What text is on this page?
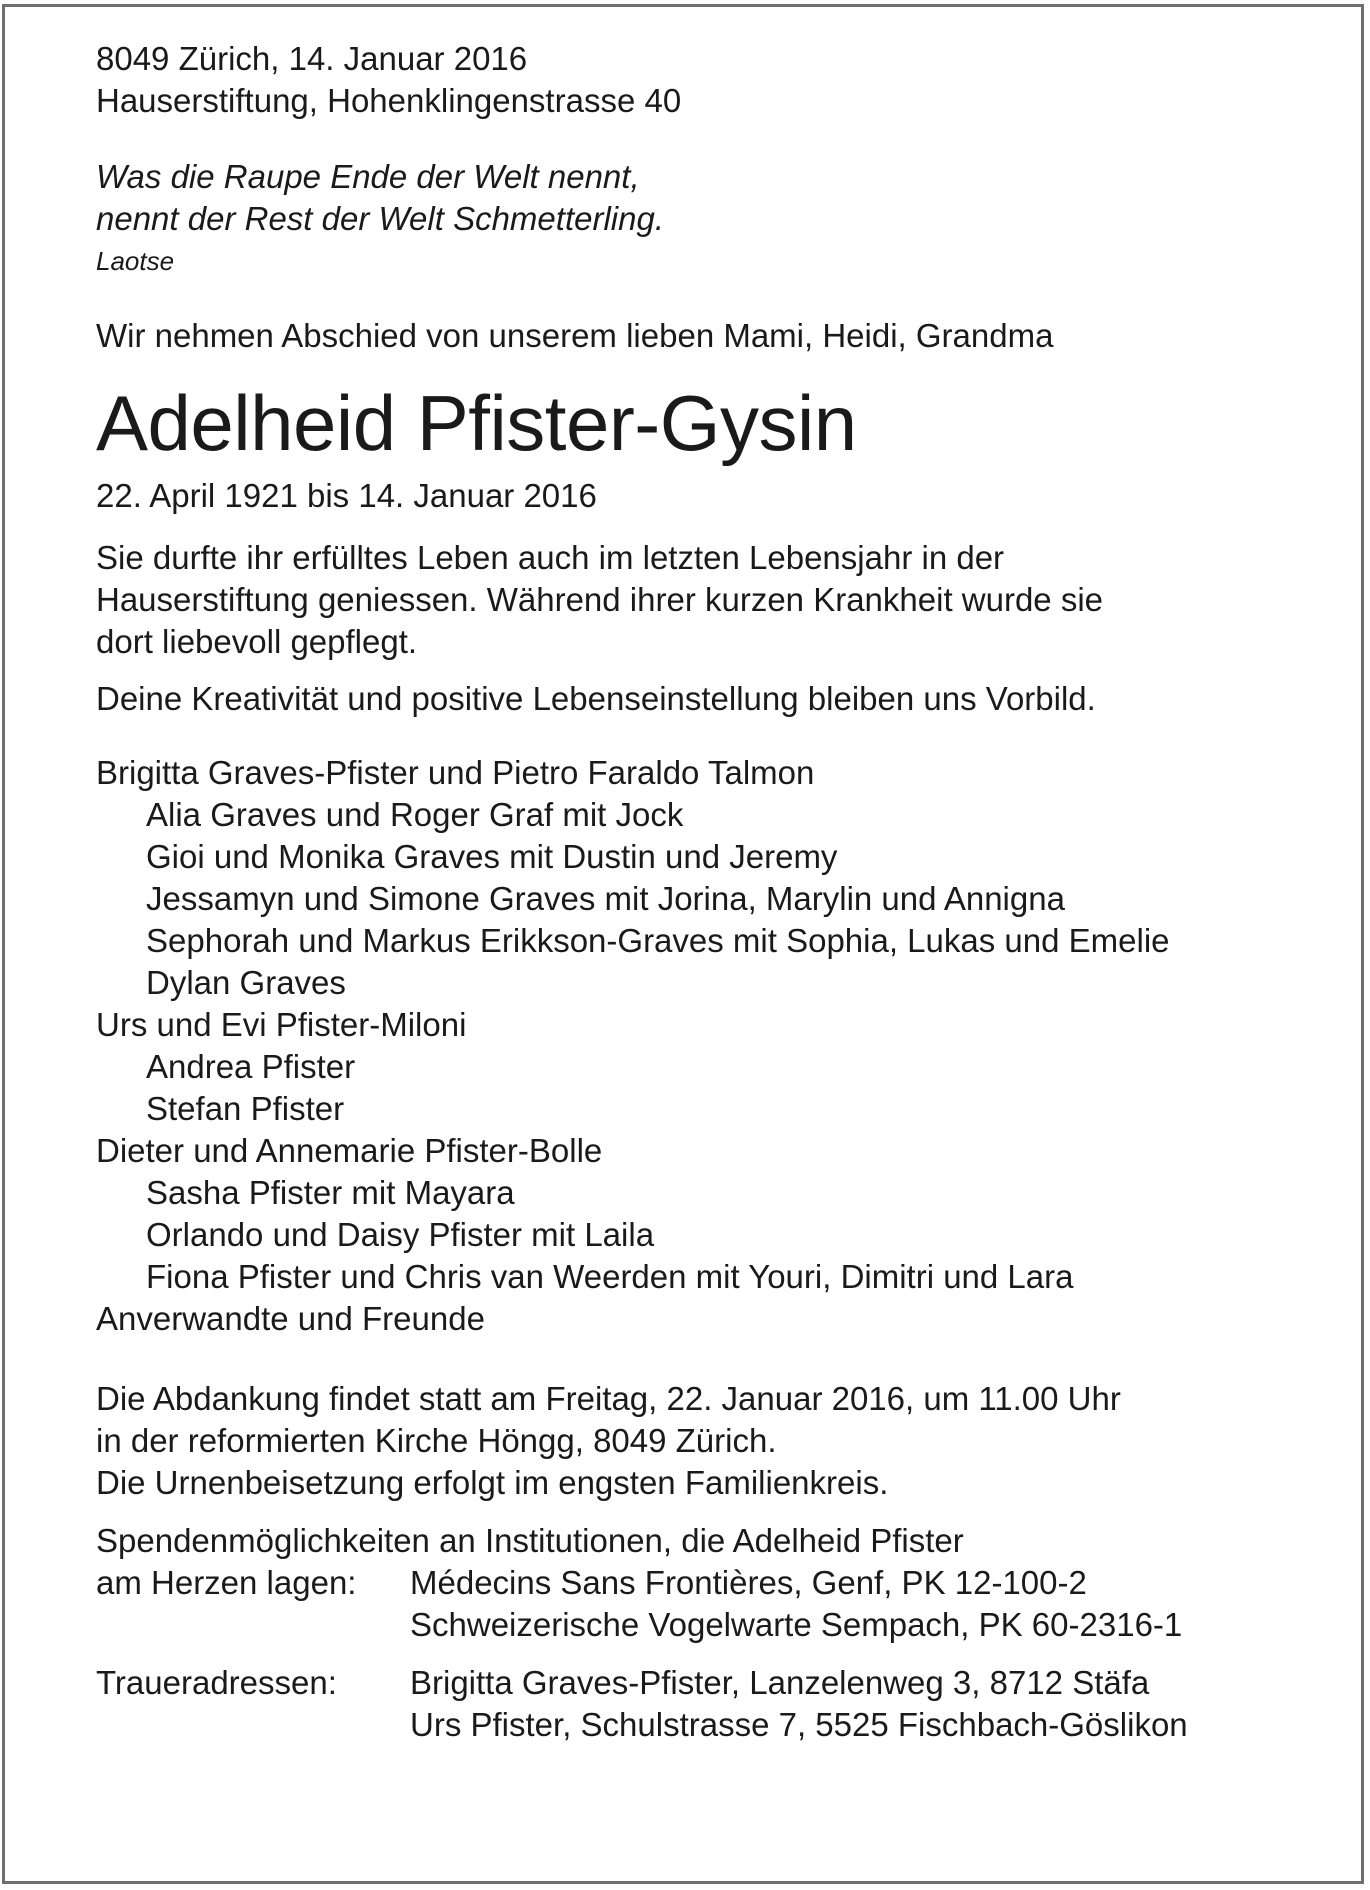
8049 Zürich, 14. Januar 2016
Hauserstiftung, Hohenklingenstrasse 40
Was die Raupe Ende der Welt nennt,
nennt der Rest der Welt Schmetterling.
Laotse
Wir nehmen Abschied von unserem lieben Mami, Heidi, Grandma
Adelheid Pfister-Gysin
22. April 1921 bis 14. Januar 2016
Sie durfte ihr erfülltes Leben auch im letzten Lebensjahr in der
Hauserstiftung geniessen. Während ihrer kurzen Krankheit wurde sie
dort liebevoll gepflegt.
Deine Kreativität und positive Lebenseinstellung bleiben uns Vorbild.
Brigitta Graves-Pfister und Pietro Faraldo Talmon
Alia Graves und Roger Graf mit Jock
Gioi und Monika Graves mit Dustin und Jeremy
Jessamyn und Simone Graves mit Jorina, Marylin und Annigna
Sephorah und Markus Erikkson-Graves mit Sophia, Lukas und Emelie
Dylan Graves
Urs und Evi Pfister-Miloni
Andrea Pfister
Stefan Pfister
Dieter und Annemarie Pfister-Bolle
Sasha Pfister mit Mayara
Orlando und Daisy Pfister mit Laila
Fiona Pfister und Chris van Weerden mit Youri, Dimitri und Lara
Anverwandte und Freunde
Die Abdankung findet statt am Freitag, 22. Januar 2016, um 11.00 Uhr
in der reformierten Kirche Höngg, 8049 Zürich.
Die Urnenbeisetzung erfolgt im engsten Familienkreis.
Spendenmöglichkeiten an Institutionen, die Adelheid Pfister
am Herzen lagen:	Médecins Sans Frontières, Genf, PK 12-100-2
Schweizerische Vogelwarte Sempach, PK 60-2316-1
Traueradressen:	Brigitta Graves-Pfister, Lanzelenweg 3, 8712 Stäfa
Urs Pfister, Schulstrasse 7, 5525 Fischbach-Göslikon
